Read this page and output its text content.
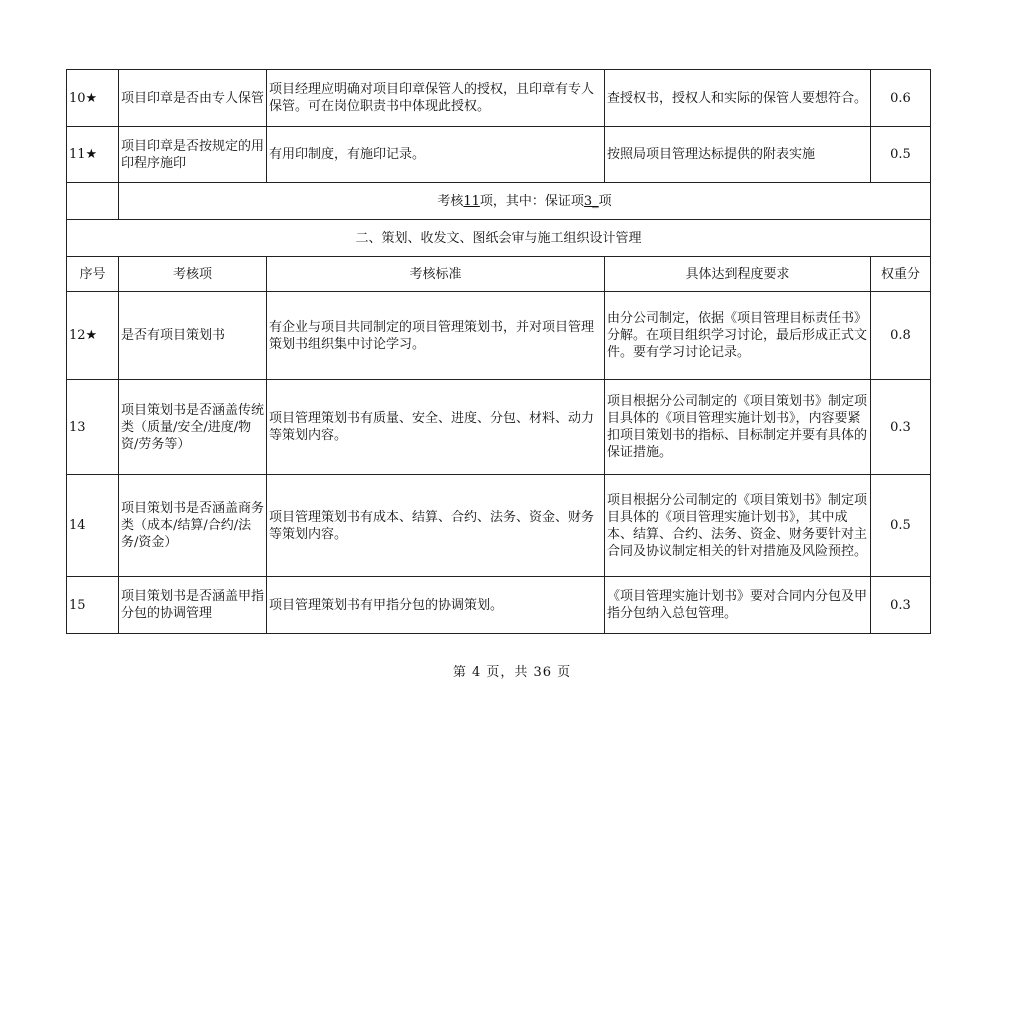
10★	项目印章是否由专人保管	项目经理应明确对项目印章保管人的授权，且印章有专人保管。可在岗位职责书中体现此授权。	查授权书，授权人和实际的保管人要想符合。	0.6
11★	项目印章是否按规定的用印程序施印	有用印制度，有施印记录。	按照局项目管理达标提供的附表实施	0.5
	考核11项，其中：保证项3_项			
二、策划、收发文、图纸会审与施工组织设计管理				
序号	考核项	考核标准	具体达到程度要求	权重分
12★	是否有项目策划书	有企业与项目共同制定的项目管理策划书，并对项目管理策划书组织集中讨论学习。	由分公司制定，依据《项目管理目标责任书》分解。在项目组织学习讨论，最后形成正式文件。要有学习讨论记录。	0.8
13	项目策划书是否涵盖传统类（质量/安全/进度/物资/劳务等）	项目管理策划书有质量、安全、进度、分包、材料、动力等策划内容。	项目根据分公司制定的《项目策划书》制定项目具体的《项目管理实施计划书》，内容要紧扣项目策划书的指标、目标制定并要有具体的保证措施。	0.3
14	项目策划书是否涵盖商务类（成本/结算/合约/法务/资金）	项目管理策划书有成本、结算、合约、法务、资金、财务等策划内容。	项目根据分公司制定的《项目策划书》制定项目具体的《项目管理实施计划书》，其中成本、结算、合约、法务、资金、财务要针对主合同及协议制定相关的针对措施及风险预控。	0.5
15	项目策划书是否涵盖甲指分包的协调管理	项目管理策划书有甲指分包的协调策划。	《项目管理实施计划书》要对合同内分包及甲指分包纳入总包管理。	0.3
第 4 页，共 36 页
